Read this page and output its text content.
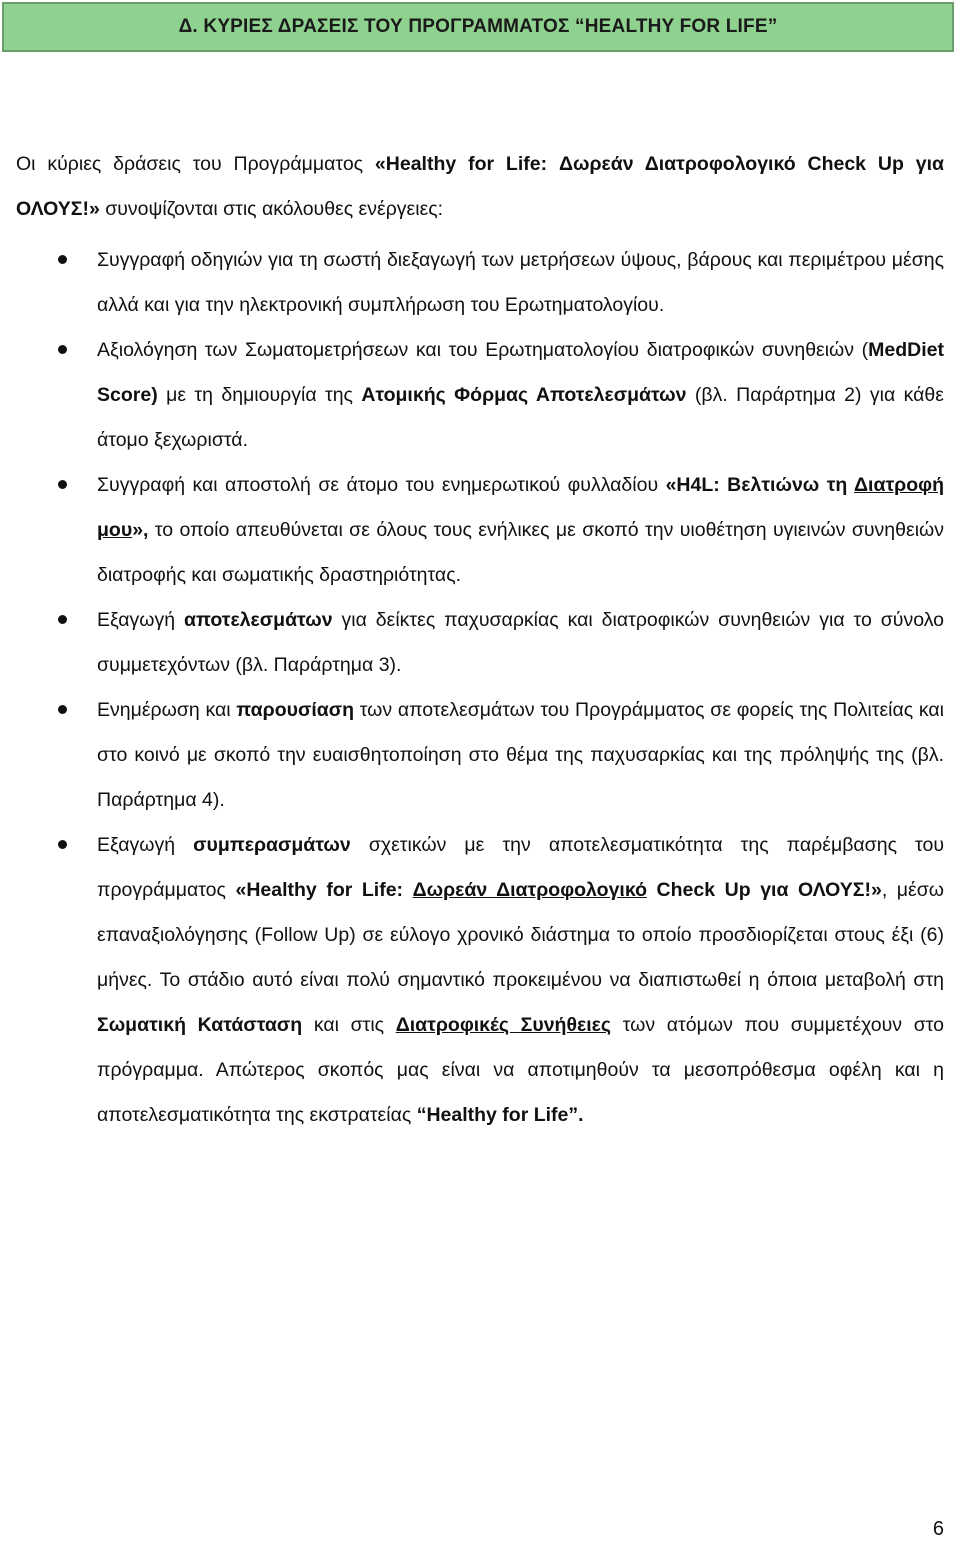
Δ. ΚΥΡΙΕΣ ΔΡΑΣΕΙΣ ΤΟΥ ΠΡΟΓΡΑΜΜΑΤΟΣ “HEALTHY FOR LIFE”

Οι κύριες δράσεις του Προγράμματος «Healthy for Life: Δωρεάν Διατροφολογικό Check Up για ΟΛΟΥΣ!» συνοψίζονται στις ακόλουθες ενέργειες:

Συγγραφή οδηγιών για τη σωστή διεξαγωγή των μετρήσεων ύψους, βάρους και περιμέτρου μέσης αλλά και για την ηλεκτρονική συμπλήρωση του Ερωτηματολογίου.
Αξιολόγηση των Σωματομετρήσεων και του Ερωτηματολογίου διατροφικών συνηθειών (MedDiet Score) με τη δημιουργία της Ατομικής Φόρμας Αποτελεσμάτων (βλ. Παράρτημα 2) για κάθε άτομο ξεχωριστά.
Συγγραφή και αποστολή σε άτομο του ενημερωτικού φυλλαδίου «H4L: Βελτιώνω τη Διατροφή μου», το οποίο απευθύνεται σε όλους τους ενήλικες με σκοπό την υιοθέτηση υγιεινών συνηθειών διατροφής και σωματικής δραστηριότητας.
Εξαγωγή αποτελεσμάτων για δείκτες παχυσαρκίας και διατροφικών συνηθειών για το σύνολο συμμετεχόντων (βλ. Παράρτημα 3).
Ενημέρωση και παρουσίαση των αποτελεσμάτων του Προγράμματος σε φορείς της Πολιτείας και στο κοινό με σκοπό την ευαισθητοποίηση στο θέμα της παχυσαρκίας και της πρόληψής της (βλ. Παράρτημα 4).
Εξαγωγή συμπερασμάτων σχετικών με την αποτελεσματικότητα της παρέμβασης του προγράμματος «Healthy for Life: Δωρεάν Διατροφολογικό Check Up για ΟΛΟΥΣ!», μέσω επαναξιολόγησης (Follow Up) σε εύλογο χρονικό διάστημα το οποίο προσδιορίζεται στους έξι (6) μήνες. Το στάδιο αυτό είναι πολύ σημαντικό προκειμένου να διαπιστωθεί η όποια μεταβολή στη Σωματική Κατάσταση και στις Διατροφικές Συνήθειες των ατόμων που συμμετέχουν στο πρόγραμμα. Απώτερος σκοπός μας είναι να αποτιμηθούν τα μεσοπρόθεσμα οφέλη και η αποτελεσματικότητα της εκστρατείας “Healthy for Life”.
6
